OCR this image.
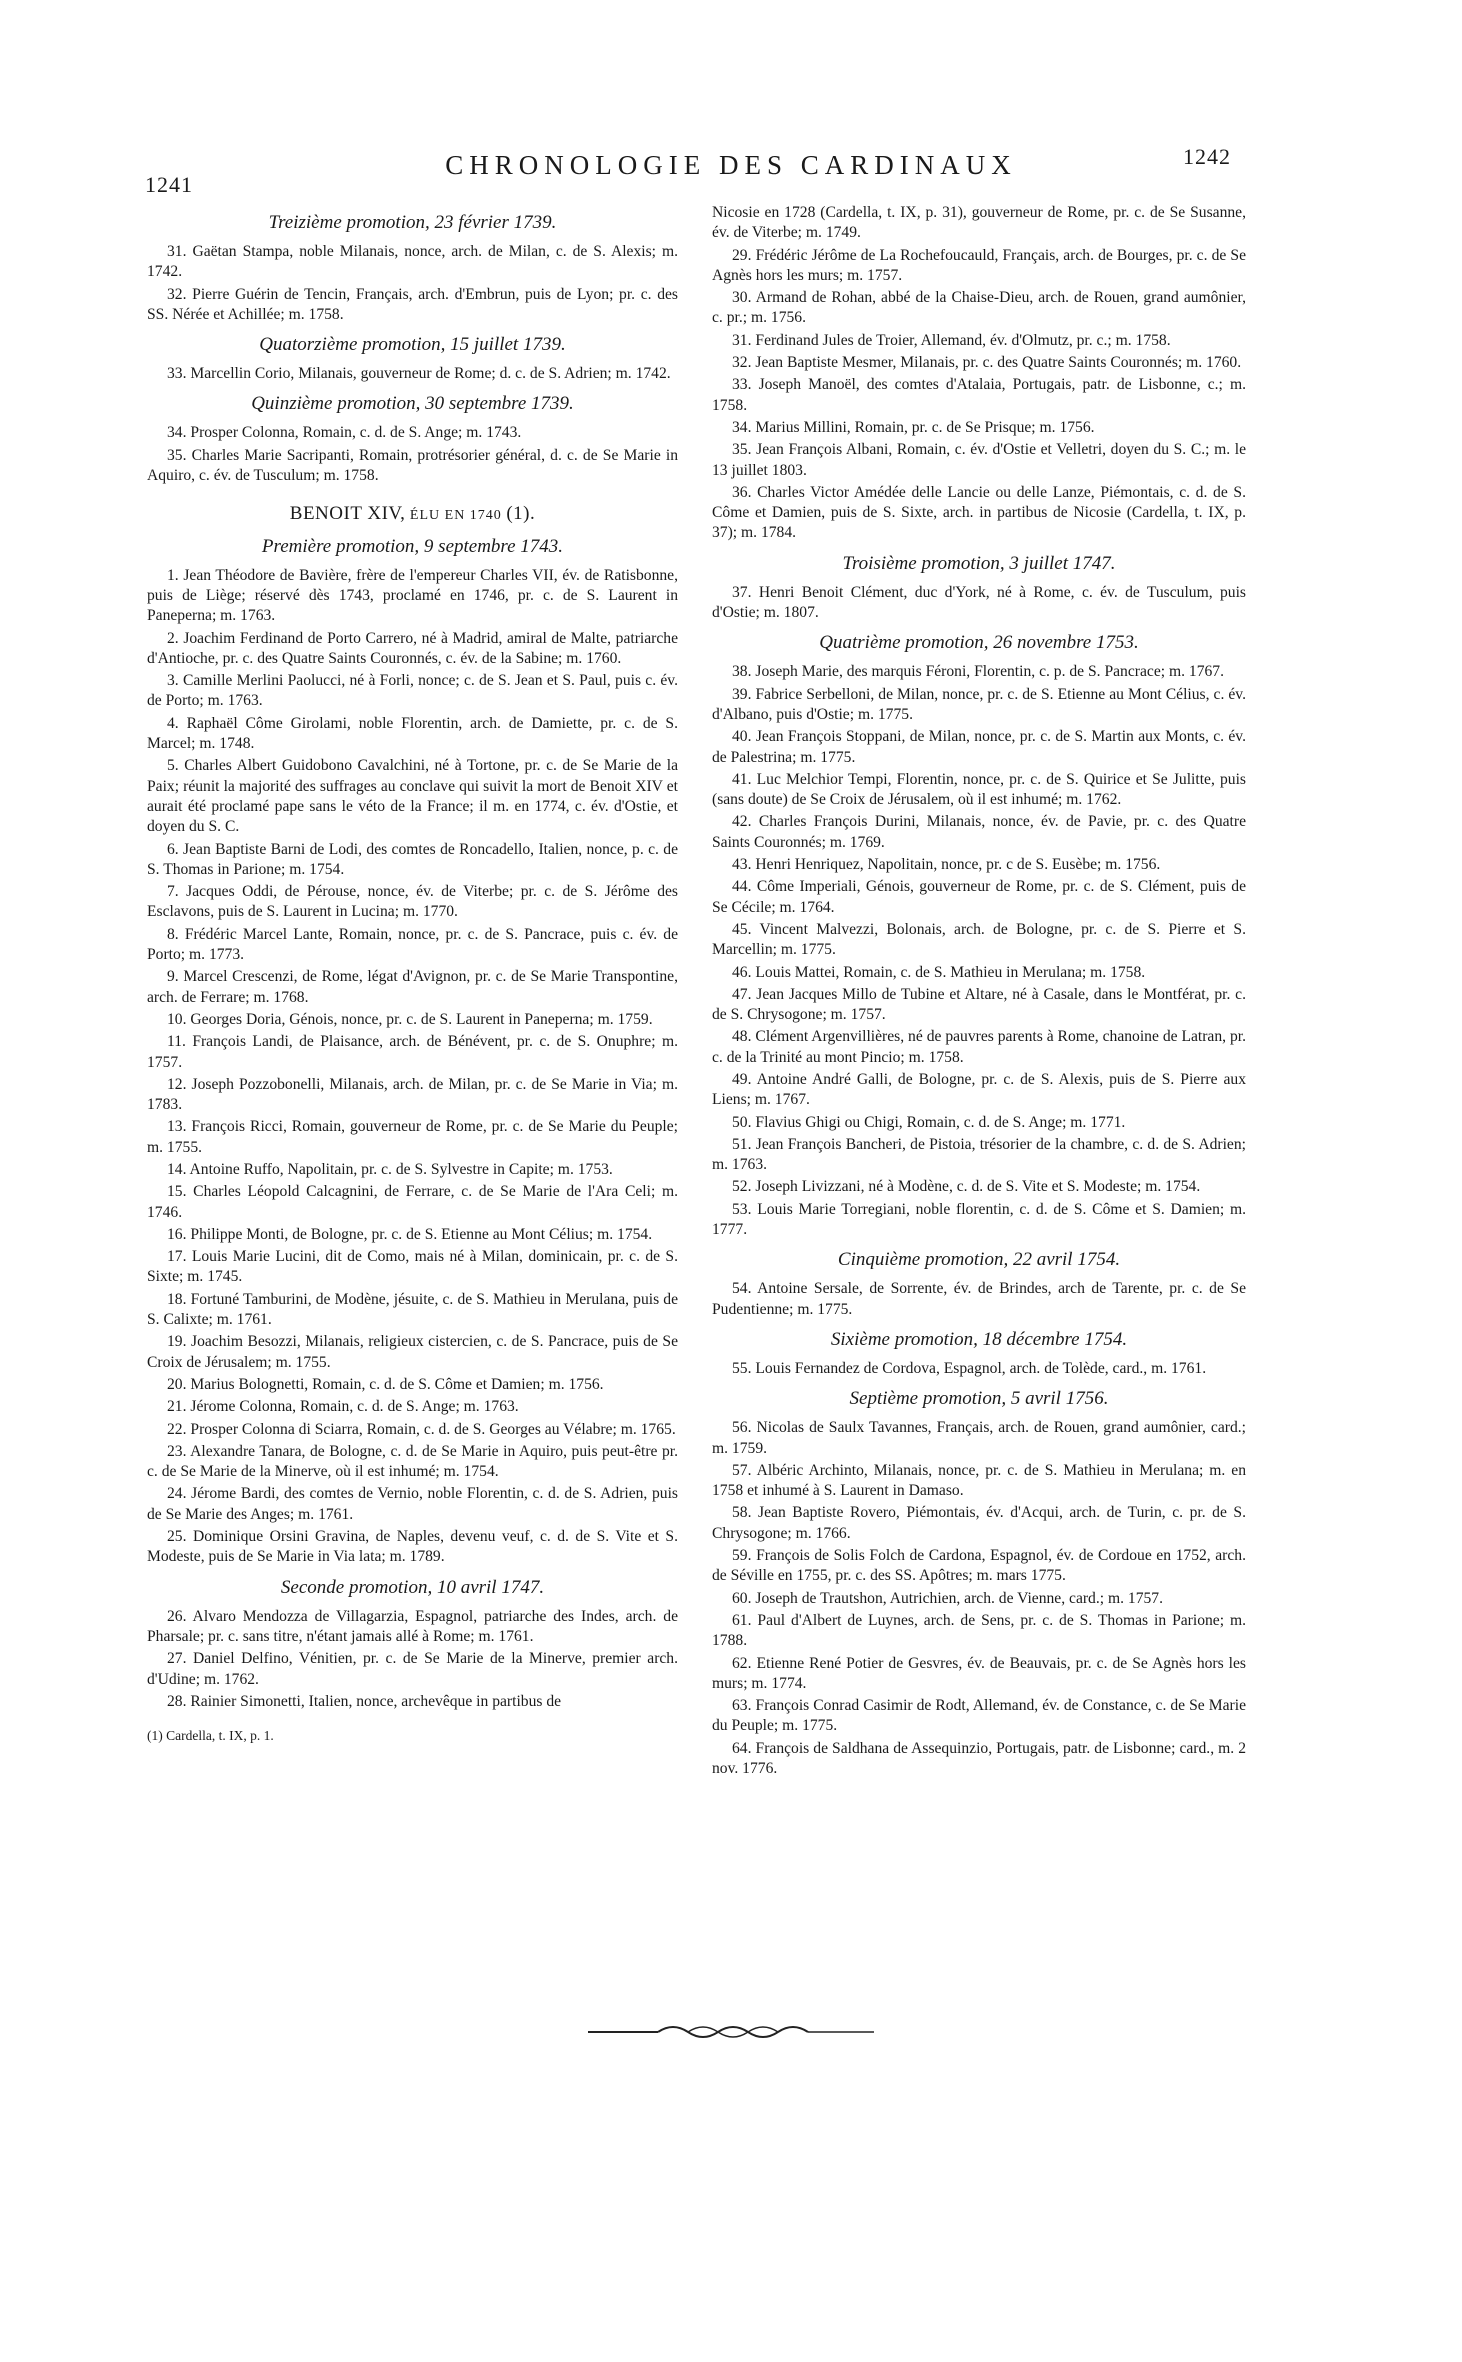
1241
CHRONOLOGIE DES CARDINAUX	1242
Treizième promotion, 23 février 1739.
31. Gaëtan Stampa, noble Milanais, nonce, arch. de Milan, c. de S. Alexis; m. 1742.
32. Pierre Guérin de Tencin, Français, arch. d'Embrun, puis de Lyon; pr. c. des SS. Nérée et Achillée; m. 1758.
Quatorzième promotion, 15 juillet 1739.
33. Marcellin Corio, Milanais, gouverneur de Rome; d. c. de S. Adrien; m. 1742.
Quinzième promotion, 30 septembre 1739.
34. Prosper Colonna, Romain, c. d. de S. Ange; m. 1743.
35. Charles Marie Sacripanti, Romain, protrésorier général, d. c. de Se Marie in Aquiro, c. év. de Tusculum; m. 1758.
BENOIT XIV, ÉLU EN 1740 (1).
Première promotion, 9 septembre 1743.
1. Jean Théodore de Bavière, frère de l'empereur Charles VII, év. de Ratisbonne, puis de Liège; réservé dès 1743, proclamé en 1746, pr. c. de S. Laurent in Paneperna; m. 1763.
2. Joachim Ferdinand de Porto Carrero, né à Madrid, amiral de Malte, patriarche d'Antioche, pr. c. des Quatre Saints Couronnés, c. év. de la Sabine; m. 1760.
3. Camille Merlini Paolucci, né à Forli, nonce; c. de S. Jean et S. Paul, puis c. év. de Porto; m. 1763.
4. Raphaël Côme Girolami, noble Florentin, arch. de Damiette, pr. c. de S. Marcel; m. 1748.
5. Charles Albert Guidobono Cavalchini, né à Tortone, pr. c. de Se Marie de la Paix; réunit la majorité des suffrages au conclave qui suivit la mort de Benoit XIV et aurait été proclamé pape sans le véto de la France; il m. en 1774, c. év. d'Ostie, et doyen du S. C.
6. Jean Baptiste Barni de Lodi, des comtes de Roncadello, Italien, nonce, p. c. de S. Thomas in Parione; m. 1754.
7. Jacques Oddi, de Pérouse, nonce, év. de Viterbe; pr. c. de S. Jérôme des Esclavons, puis de S. Laurent in Lucina; m. 1770.
8. Frédéric Marcel Lante, Romain, nonce, pr. c. de S. Pancrace, puis c. év. de Porto; m. 1773.
9. Marcel Crescenzi, de Rome, légat d'Avignon, pr. c. de Se Marie Transpontine, arch. de Ferrare; m. 1768.
10. Georges Doria, Génois, nonce, pr. c. de S. Laurent in Paneperna; m. 1759.
11. François Landi, de Plaisance, arch. de Bénévent, pr. c. de S. Onuphre; m. 1757.
12. Joseph Pozzobonelli, Milanais, arch. de Milan, pr. c. de Se Marie in Via; m. 1783.
13. François Ricci, Romain, gouverneur de Rome, pr. c. de Se Marie du Peuple; m. 1755.
14. Antoine Ruffo, Napolitain, pr. c. de S. Sylvestre in Capite; m. 1753.
15. Charles Léopold Calcagnini, de Ferrare, c. de Se Marie de l'Ara Celi; m. 1746.
16. Philippe Monti, de Bologne, pr. c. de S. Etienne au Mont Célius; m. 1754.
17. Louis Marie Lucini, dit de Como, mais né à Milan, dominicain, pr. c. de S. Sixte; m. 1745.
18. Fortuné Tamburini, de Modène, jésuite, c. de S. Mathieu in Merulana, puis de S. Calixte; m. 1761.
19. Joachim Besozzi, Milanais, religieux cistercien, c. de S. Pancrace, puis de Se Croix de Jérusalem; m. 1755.
20. Marius Bolognetti, Romain, c. d. de S. Côme et Damien; m. 1756.
21. Jérome Colonna, Romain, c. d. de S. Ange; m. 1763.
22. Prosper Colonna di Sciarra, Romain, c. d. de S. Georges au Vélabre; m. 1765.
23. Alexandre Tanara, de Bologne, c. d. de Se Marie in Aquiro, puis peut-être pr. c. de Se Marie de la Minerve, où il est inhumé; m. 1754.
24. Jérome Bardi, des comtes de Vernio, noble Florentin, c. d. de S. Adrien, puis de Se Marie des Anges; m. 1761.
25. Dominique Orsini Gravina, de Naples, devenu veuf, c. d. de S. Vite et S. Modeste, puis de Se Marie in Via lata; m. 1789.
Seconde promotion, 10 avril 1747.
26. Alvaro Mendozza de Villagarzia, Espagnol, patriarche des Indes, arch. de Pharsale; pr. c. sans titre, n'étant jamais allé à Rome; m. 1761.
27. Daniel Delfino, Vénitien, pr. c. de Se Marie de la Minerve, premier arch. d'Udine; m. 1762.
28. Rainier Simonetti, Italien, nonce, archevêque in partibus de
(1) Cardella, t. IX, p. 1.
Nicosie en 1728 (Cardella, t. IX, p. 31), gouverneur de Rome, pr. c. de Se Susanne, év. de Viterbe; m. 1749.
29. Frédéric Jérôme de La Rochefoucauld, Français, arch. de Bourges, pr. c. de Se Agnès hors les murs; m. 1757.
30. Armand de Rohan, abbé de la Chaise-Dieu, arch. de Rouen, grand aumônier, c. pr.; m. 1756.
31. Ferdinand Jules de Troier, Allemand, év. d'Olmutz, pr. c.; m. 1758.
32. Jean Baptiste Mesmer, Milanais, pr. c. des Quatre Saints Couronnés; m. 1760.
33. Joseph Manoël, des comtes d'Atalaia, Portugais, patr. de Lisbonne, c.; m. 1758.
34. Marius Millini, Romain, pr. c. de Se Prisque; m. 1756.
35. Jean François Albani, Romain, c. év. d'Ostie et Velletri, doyen du S. C.; m. le 13 juillet 1803.
36. Charles Victor Amédée delle Lancie ou delle Lanze, Piémontais, c. d. de S. Côme et Damien, puis de S. Sixte, arch. in partibus de Nicosie (Cardella, t. IX, p. 37); m. 1784.
Troisième promotion, 3 juillet 1747.
37. Henri Benoit Clément, duc d'York, né à Rome, c. év. de Tusculum, puis d'Ostie; m. 1807.
Quatrième promotion, 26 novembre 1753.
38. Joseph Marie, des marquis Féroni, Florentin, c. p. de S. Pancrace; m. 1767.
39. Fabrice Serbelloni, de Milan, nonce, pr. c. de S. Etienne au Mont Célius, c. év. d'Albano, puis d'Ostie; m. 1775.
40. Jean François Stoppani, de Milan, nonce, pr. c. de S. Martin aux Monts, c. év. de Palestrina; m. 1775.
41. Luc Melchior Tempi, Florentin, nonce, pr. c. de S. Quirice et Se Julitte, puis (sans doute) de Se Croix de Jérusalem, où il est inhumé; m. 1762.
42. Charles François Durini, Milanais, nonce, év. de Pavie, pr. c. des Quatre Saints Couronnés; m. 1769.
43. Henri Henriquez, Napolitain, nonce, pr. c de S. Eusèbe; m. 1756.
44. Côme Imperiali, Génois, gouverneur de Rome, pr. c. de S. Clément, puis de Se Cécile; m. 1764.
45. Vincent Malvezzi, Bolonais, arch. de Bologne, pr. c. de S. Pierre et S. Marcellin; m. 1775.
46. Louis Mattei, Romain, c. de S. Mathieu in Merulana; m. 1758.
47. Jean Jacques Millo de Tubine et Altare, né à Casale, dans le Montférat, pr. c. de S. Chrysogone; m. 1757.
48. Clément Argenvillières, né de pauvres parents à Rome, chanoine de Latran, pr. c. de la Trinité au mont Pincio; m. 1758.
49. Antoine André Galli, de Bologne, pr. c. de S. Alexis, puis de S. Pierre aux Liens; m. 1767.
50. Flavius Ghigi ou Chigi, Romain, c. d. de S. Ange; m. 1771.
51. Jean François Bancheri, de Pistoia, trésorier de la chambre, c. d. de S. Adrien; m. 1763.
52. Joseph Livizzani, né à Modène, c. d. de S. Vite et S. Modeste; m. 1754.
53. Louis Marie Torregiani, noble florentin, c. d. de S. Côme et S. Damien; m. 1777.
Cinquième promotion, 22 avril 1754.
54. Antoine Sersale, de Sorrente, év. de Brindes, arch de Tarente, pr. c. de Se Pudentienne; m. 1775.
Sixième promotion, 18 décembre 1754.
55. Louis Fernandez de Cordova, Espagnol, arch. de Tolède, card., m. 1761.
Septième promotion, 5 avril 1756.
56. Nicolas de Saulx Tavannes, Français, arch. de Rouen, grand aumônier, card.; m. 1759.
57. Albéric Archinto, Milanais, nonce, pr. c. de S. Mathieu in Merulana; m. en 1758 et inhumé à S. Laurent in Damaso.
58. Jean Baptiste Rovero, Piémontais, év. d'Acqui, arch. de Turin, c. pr. de S. Chrysogone; m. 1766.
59. François de Solis Folch de Cardona, Espagnol, év. de Cordoue en 1752, arch. de Séville en 1755, pr. c. des SS. Apôtres; m. mars 1775.
60. Joseph de Trautshon, Autrichien, arch. de Vienne, card.; m. 1757.
61. Paul d'Albert de Luynes, arch. de Sens, pr. c. de S. Thomas in Parione; m. 1788.
62. Etienne René Potier de Gesvres, év. de Beauvais, pr. c. de Se Agnès hors les murs; m. 1774.
63. François Conrad Casimir de Rodt, Allemand, év. de Constance, c. de Se Marie du Peuple; m. 1775.
64. François de Saldhana de Assequinzio, Portugais, patr. de Lisbonne; card., m. 2 nov. 1776.
